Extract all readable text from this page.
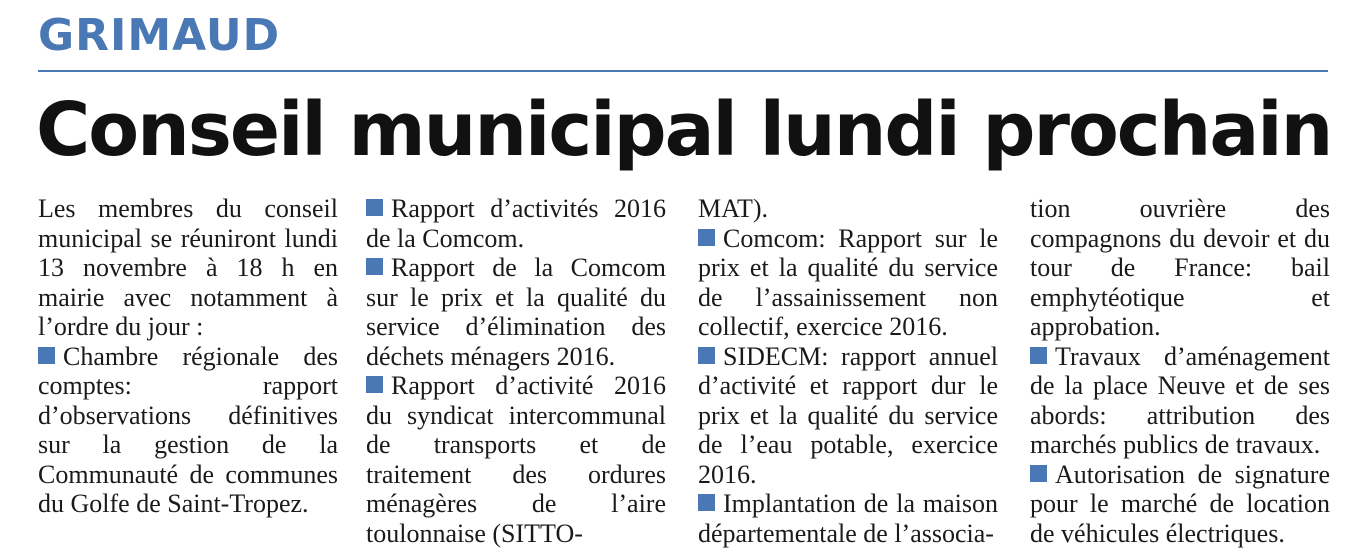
GRIMAUD
Conseil municipal lundi prochain

Les membres du conseil municipal se réuniront lundi 13 novembre à 18 h en mairie avec notamment à l’ordre du jour :

Chambre régionale des comptes: rapport d’observations définitives sur la gestion de la Communauté de communes du Golfe de Saint-Tropez.

Rapport d’activités 2016 de la Comcom.

Rapport de la Comcom sur le prix et la qualité du service d’élimination des déchets ménagers 2016.

Rapport d’activité 2016 du syndicat intercommunal de transports et de traitement des ordures ménagères de l’aire toulonnaise (SITTO-

MAT).

Comcom: Rapport sur le prix et la qualité du service de l’assainissement non collectif, exercice 2016.

SIDECM: rapport annuel d’activité et rapport dur le prix et la qualité du service de l’eau potable, exercice 2016.

Implantation de la maison départementale de l’associa-

tion ouvrière des compagnons du devoir et du tour de France: bail emphytéotique et approbation.

Travaux d’aménagement de la place Neuve et de ses abords: attribution des marchés publics de travaux.

Autorisation de signature pour le marché de location de véhicules électriques.
